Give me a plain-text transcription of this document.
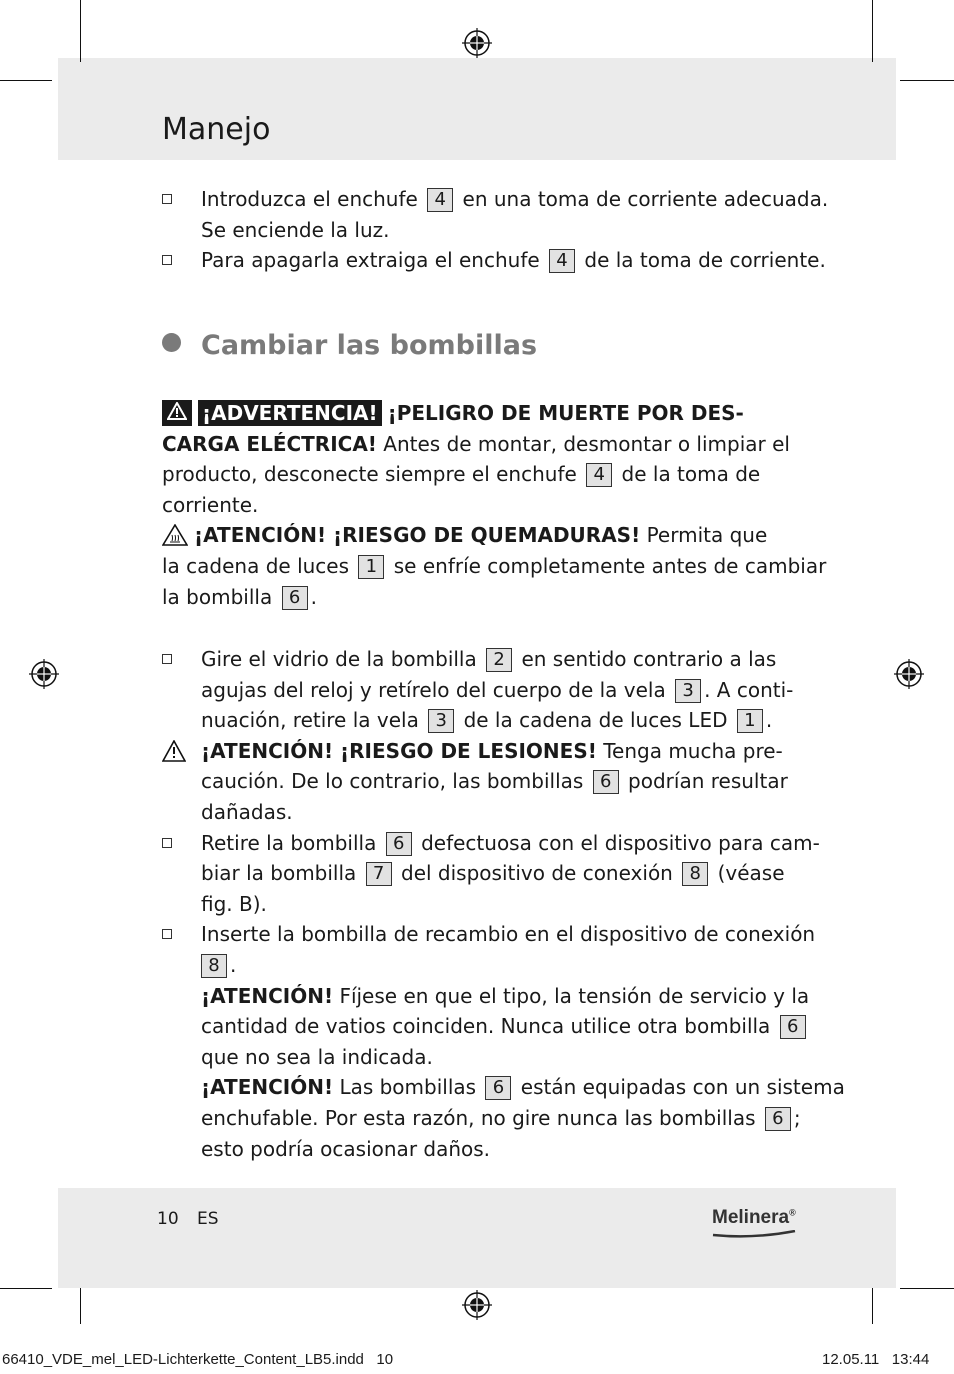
Manejo
Introduzca el enchufe 4 en una toma de corriente adecuada.
Se enciende la luz.
Para apagarla extraiga el enchufe 4 de la toma de corriente.
Cambiar las bombillas
¡ADVERTENCIA! ¡PELIGRO DE MUERTE POR DES-
CARGA ELÉCTRICA! Antes de montar, desmontar o limpiar el
producto, desconecte siempre el enchufe 4 de la toma de
corriente.
¡ATENCIÓN! ¡RIESGO DE QUEMADURAS! Permita que
la cadena de luces 1 se enfríe completamente antes de cambiar
la bombilla 6 .
Gire el vidrio de la bombilla 2 en sentido contrario a las
agujas del reloj y retírelo del cuerpo de la vela 3 . A conti-
nuación, retire la vela 3 de la cadena de luces LED 1 .
¡ATENCIÓN! ¡RIESGO DE LESIONES! Tenga mucha pre-
caución. De lo contrario, las bombillas 6 podrían resultar
dañadas.
Retire la bombilla 6 defectuosa con el dispositivo para cam-
biar la bombilla 7 del dispositivo de conexión 8 (véase
fig. B).
Inserte la bombilla de recambio en el dispositivo de conexión
8 .
¡ATENCIÓN! Fíjese en que el tipo, la tensión de servicio y la
cantidad de vatios coinciden. Nunca utilice otra bombilla 6
que no sea la indicada.
¡ATENCIÓN! Las bombillas 6 están equipadas con un sistema
enchufable. Por esta razón, no gire nunca las bombillas 6 ;
esto podría ocasionar daños.
10 ES	Melinera®
66410_VDE_mel_LED-Lichterkette_Content_LB5.indd   10	12.05.11   13:44
